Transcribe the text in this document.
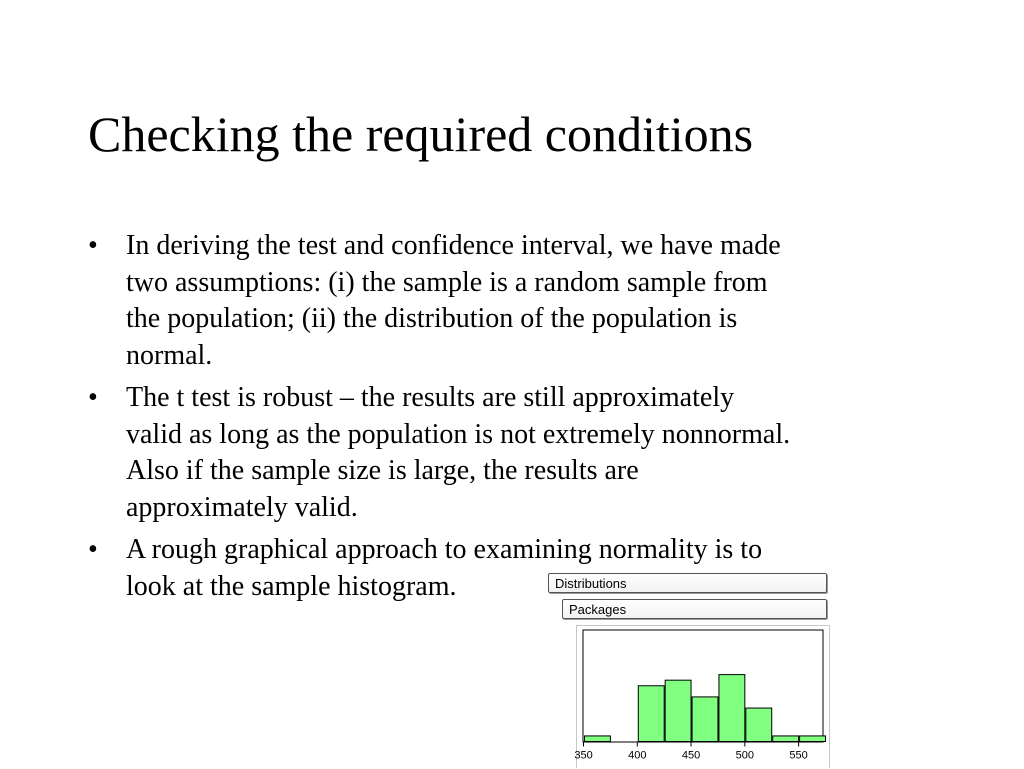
Checking the required conditions
• In deriving the test and confidence interval, we have made
two assumptions: (i) the sample is a random sample from
the population; (ii) the distribution of the population is
normal.
• The t test is robust – the results are still approximately
valid as long as the population is not extremely nonnormal.
Also if the sample size is large, the results are
approximately valid.
• A rough graphical approach to examining normality is to
look at the sample histogram.	Distributions
Packages
350	400	450	500	550
